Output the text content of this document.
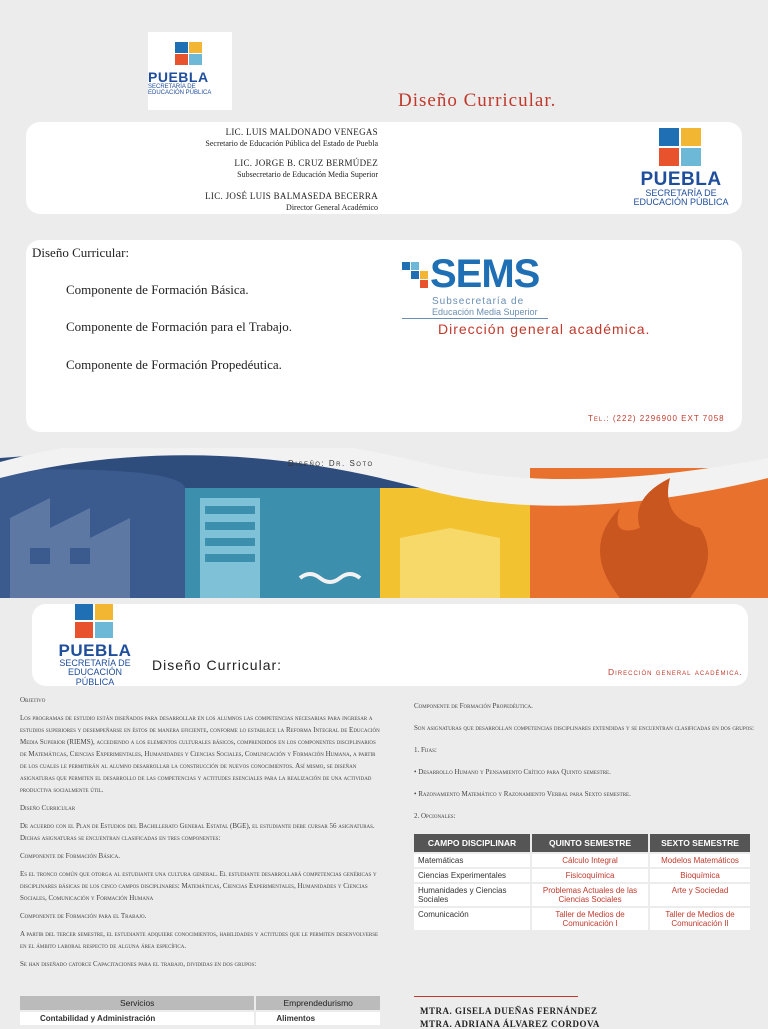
PUEBLA
SECRETARÍA DE
EDUCACIÓN PÚBLICA	Diseño Curricular.
LIC. LUIS MALDONADO VENEGAS
Secretario de Educación Pública del Estado de Puebla
LIC. JORGE B. CRUZ BERMÚDEZ
Subsecretario de Educación Media Superior
LIC. JOSÉ LUIS BALMASEDA BECERRA
Director General Académico
PUEBLA
SECRETARÍA DE
EDUCACIÓN PÚBLICA
Diseño Curricular:
Componente de Formación Básica.
Componente de Formación para el Trabajo.
Componente de Formación Propedéutica.
SEMS
Subsecretaría de
Educación Media Superior
Dirección general académica.
Tel.: (222) 2296900 EXT 7058
Diseño: Dr. Soto
PUEBLA
SECRETARÍA DE
EDUCACIÓN PÚBLICA
Diseño Curricular:	Dirección general académica.

Objetivo

Los programas de estudio están diseñados para desarrollar en los alumnos las competencias necesarias para ingresar a estudios superiores y desempeñarse en éstos de manera eficiente, conforme lo establece la Reforma Integral de Educación Media Superior (RIEMS), accediendo a los elementos culturales básicos, comprendidos en los componentes disciplinarios de Matemáticas, Ciencias Experimentales, Humanidades y Ciencias Sociales, Comunicación y Formación Humana, a partir de los cuales le permitirán al alumno desarrollar la construcción de nuevos conocimientos. Así mismo, se diseñan asignaturas que permiten el desarrollo de las competencias y actitudes esenciales para la realización de una actividad productiva socialmente útil.

Diseño Curricular

De acuerdo con el Plan de Estudios del Bachillerato General Estatal (BGE), el estudiante debe cursar 56 asignaturas. Dichas asignaturas se encuentran clasificadas en tres componentes:

Componente de Formación Básica.

Es el tronco común que otorga al estudiante una cultura general. El estudiante desarrollará competencias genéricas y disciplinares básicas de los cinco campos disciplinares: Matemáticas, Ciencias Experimentales, Humanidades y Ciencias Sociales, Comunicación y Formación Humana

Componente de Formación para el Trabajo.

A partir del tercer semestre, el estudiante adquiere conocimientos, habilidades y actitudes que le permiten desenvolverse en el ámbito laboral respecto de alguna área específica.

Se han diseñado catorce Capacitaciones para el trabajo, divididas en dos grupos:

Servicios	Emprendedurismo
Contabilidad y Administración	Alimentos

Componente de Formación Propedéutica.

Son asignaturas que desarrollan competencias disciplinares extendidas y se encuentran clasificadas en dos grupos:

1. Fijas:

• Desarrollo Humano y Pensamiento Crítico para Quinto semestre.

• Razonamiento Matemático y Razonamiento Verbal para Sexto semestre.

2. Opcionales:

CAMPO DISCIPLINAR	QUINTO SEMESTRE	SEXTO SEMESTRE
Matemáticas	Cálculo Integral	Modelos Matemáticos
Ciencias Experimentales	Fisicoquímica	Bioquímica
Humanidades y Ciencias Sociales	Problemas Actuales de las Ciencias Sociales	Arte y Sociedad
Comunicación	Taller de Medios de Comunicación I	Taller de Medios de Comunicación II
MTRA. GISELA DUEÑAS FERNÁNDEZ
MTRA. ADRIANA ÁLVAREZ CORDOVA
